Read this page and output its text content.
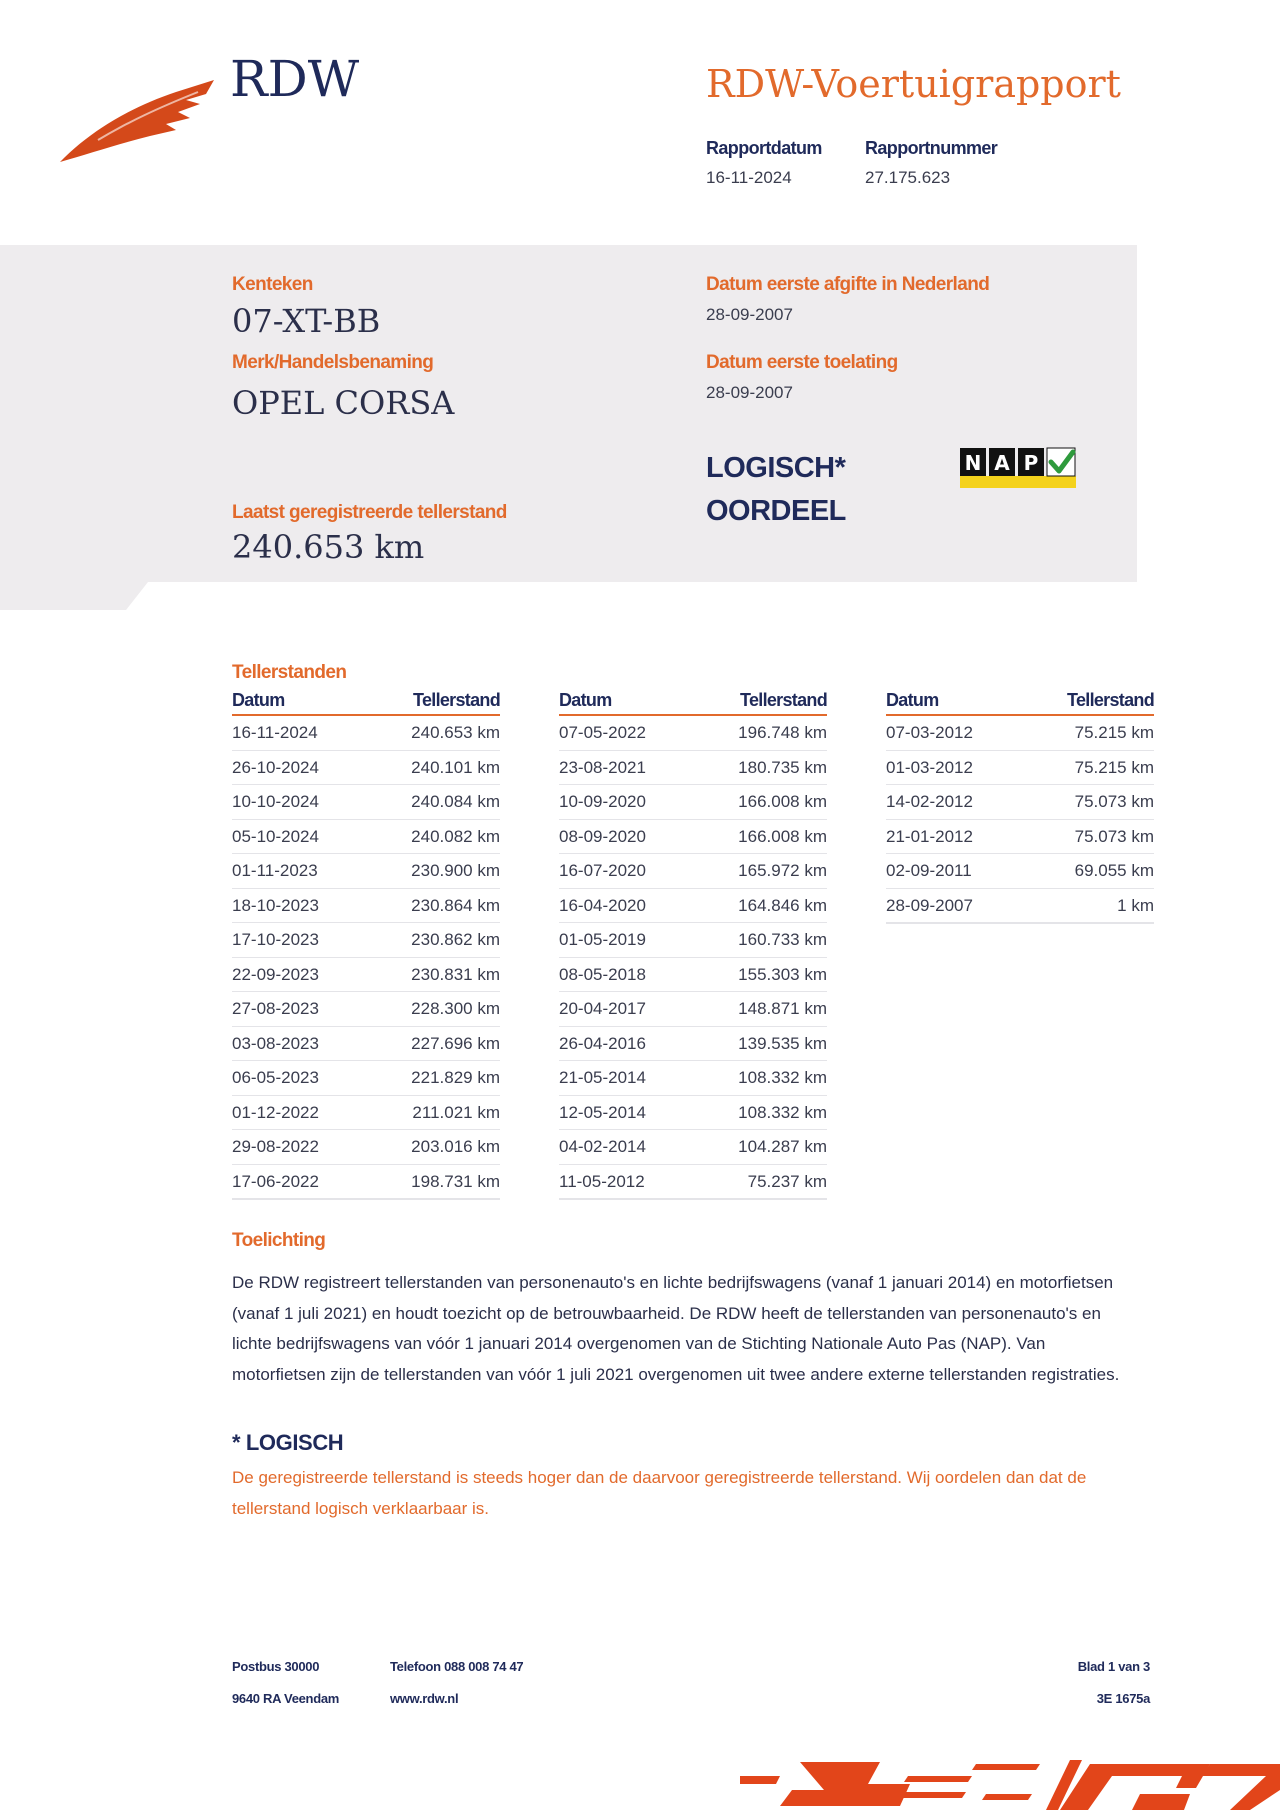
RDW	RDW-Voertuigrapport
Rapportdatum
16-11-2024
Rapportnummer
27.175.623
Kenteken
07-XT-BB
Merk/Handelsbenaming
OPEL CORSA
Laatst geregistreerde tellerstand
240.653 km
Datum eerste afgifte in Nederland
28-09-2007
Datum eerste toelating
28-09-2007
LOGISCH*
OORDEEL
N A P
Tellerstanden
Datum	Tellerstand
16-11-2024	240.653 km
26-10-2024	240.101 km
10-10-2024	240.084 km
05-10-2024	240.082 km
01-11-2023	230.900 km
18-10-2023	230.864 km
17-10-2023	230.862 km
22-09-2023	230.831 km
27-08-2023	228.300 km
03-08-2023	227.696 km
06-05-2023	221.829 km
01-12-2022	211.021 km
29-08-2022	203.016 km
17-06-2022	198.731 km
Datum	Tellerstand
07-05-2022	196.748 km
23-08-2021	180.735 km
10-09-2020	166.008 km
08-09-2020	166.008 km
16-07-2020	165.972 km
16-04-2020	164.846 km
01-05-2019	160.733 km
08-05-2018	155.303 km
20-04-2017	148.871 km
26-04-2016	139.535 km
21-05-2014	108.332 km
12-05-2014	108.332 km
04-02-2014	104.287 km
11-05-2012	75.237 km
Datum	Tellerstand
07-03-2012	75.215 km
01-03-2012	75.215 km
14-02-2012	75.073 km
21-01-2012	75.073 km
02-09-2011	69.055 km
28-09-2007	1 km
Toelichting
De RDW registreert tellerstanden van personenauto's en lichte bedrijfswagens (vanaf 1 januari 2014) en motorfietsen (vanaf 1 juli 2021) en houdt toezicht op de betrouwbaarheid. De RDW heeft de tellerstanden van personenauto's en lichte bedrijfswagens van vóór 1 januari 2014 overgenomen van de Stichting Nationale Auto Pas (NAP). Van motorfietsen zijn de tellerstanden van vóór 1 juli 2021 overgenomen uit twee andere externe tellerstanden registraties.
* LOGISCH
De geregistreerde tellerstand is steeds hoger dan de daarvoor geregistreerde tellerstand. Wij oordelen dan dat de tellerstand logisch verklaarbaar is.
Postbus 30000
9640 RA Veendam
Telefoon 088 008 74 47
www.rdw.nl
Blad 1 van 3
3E 1675a
